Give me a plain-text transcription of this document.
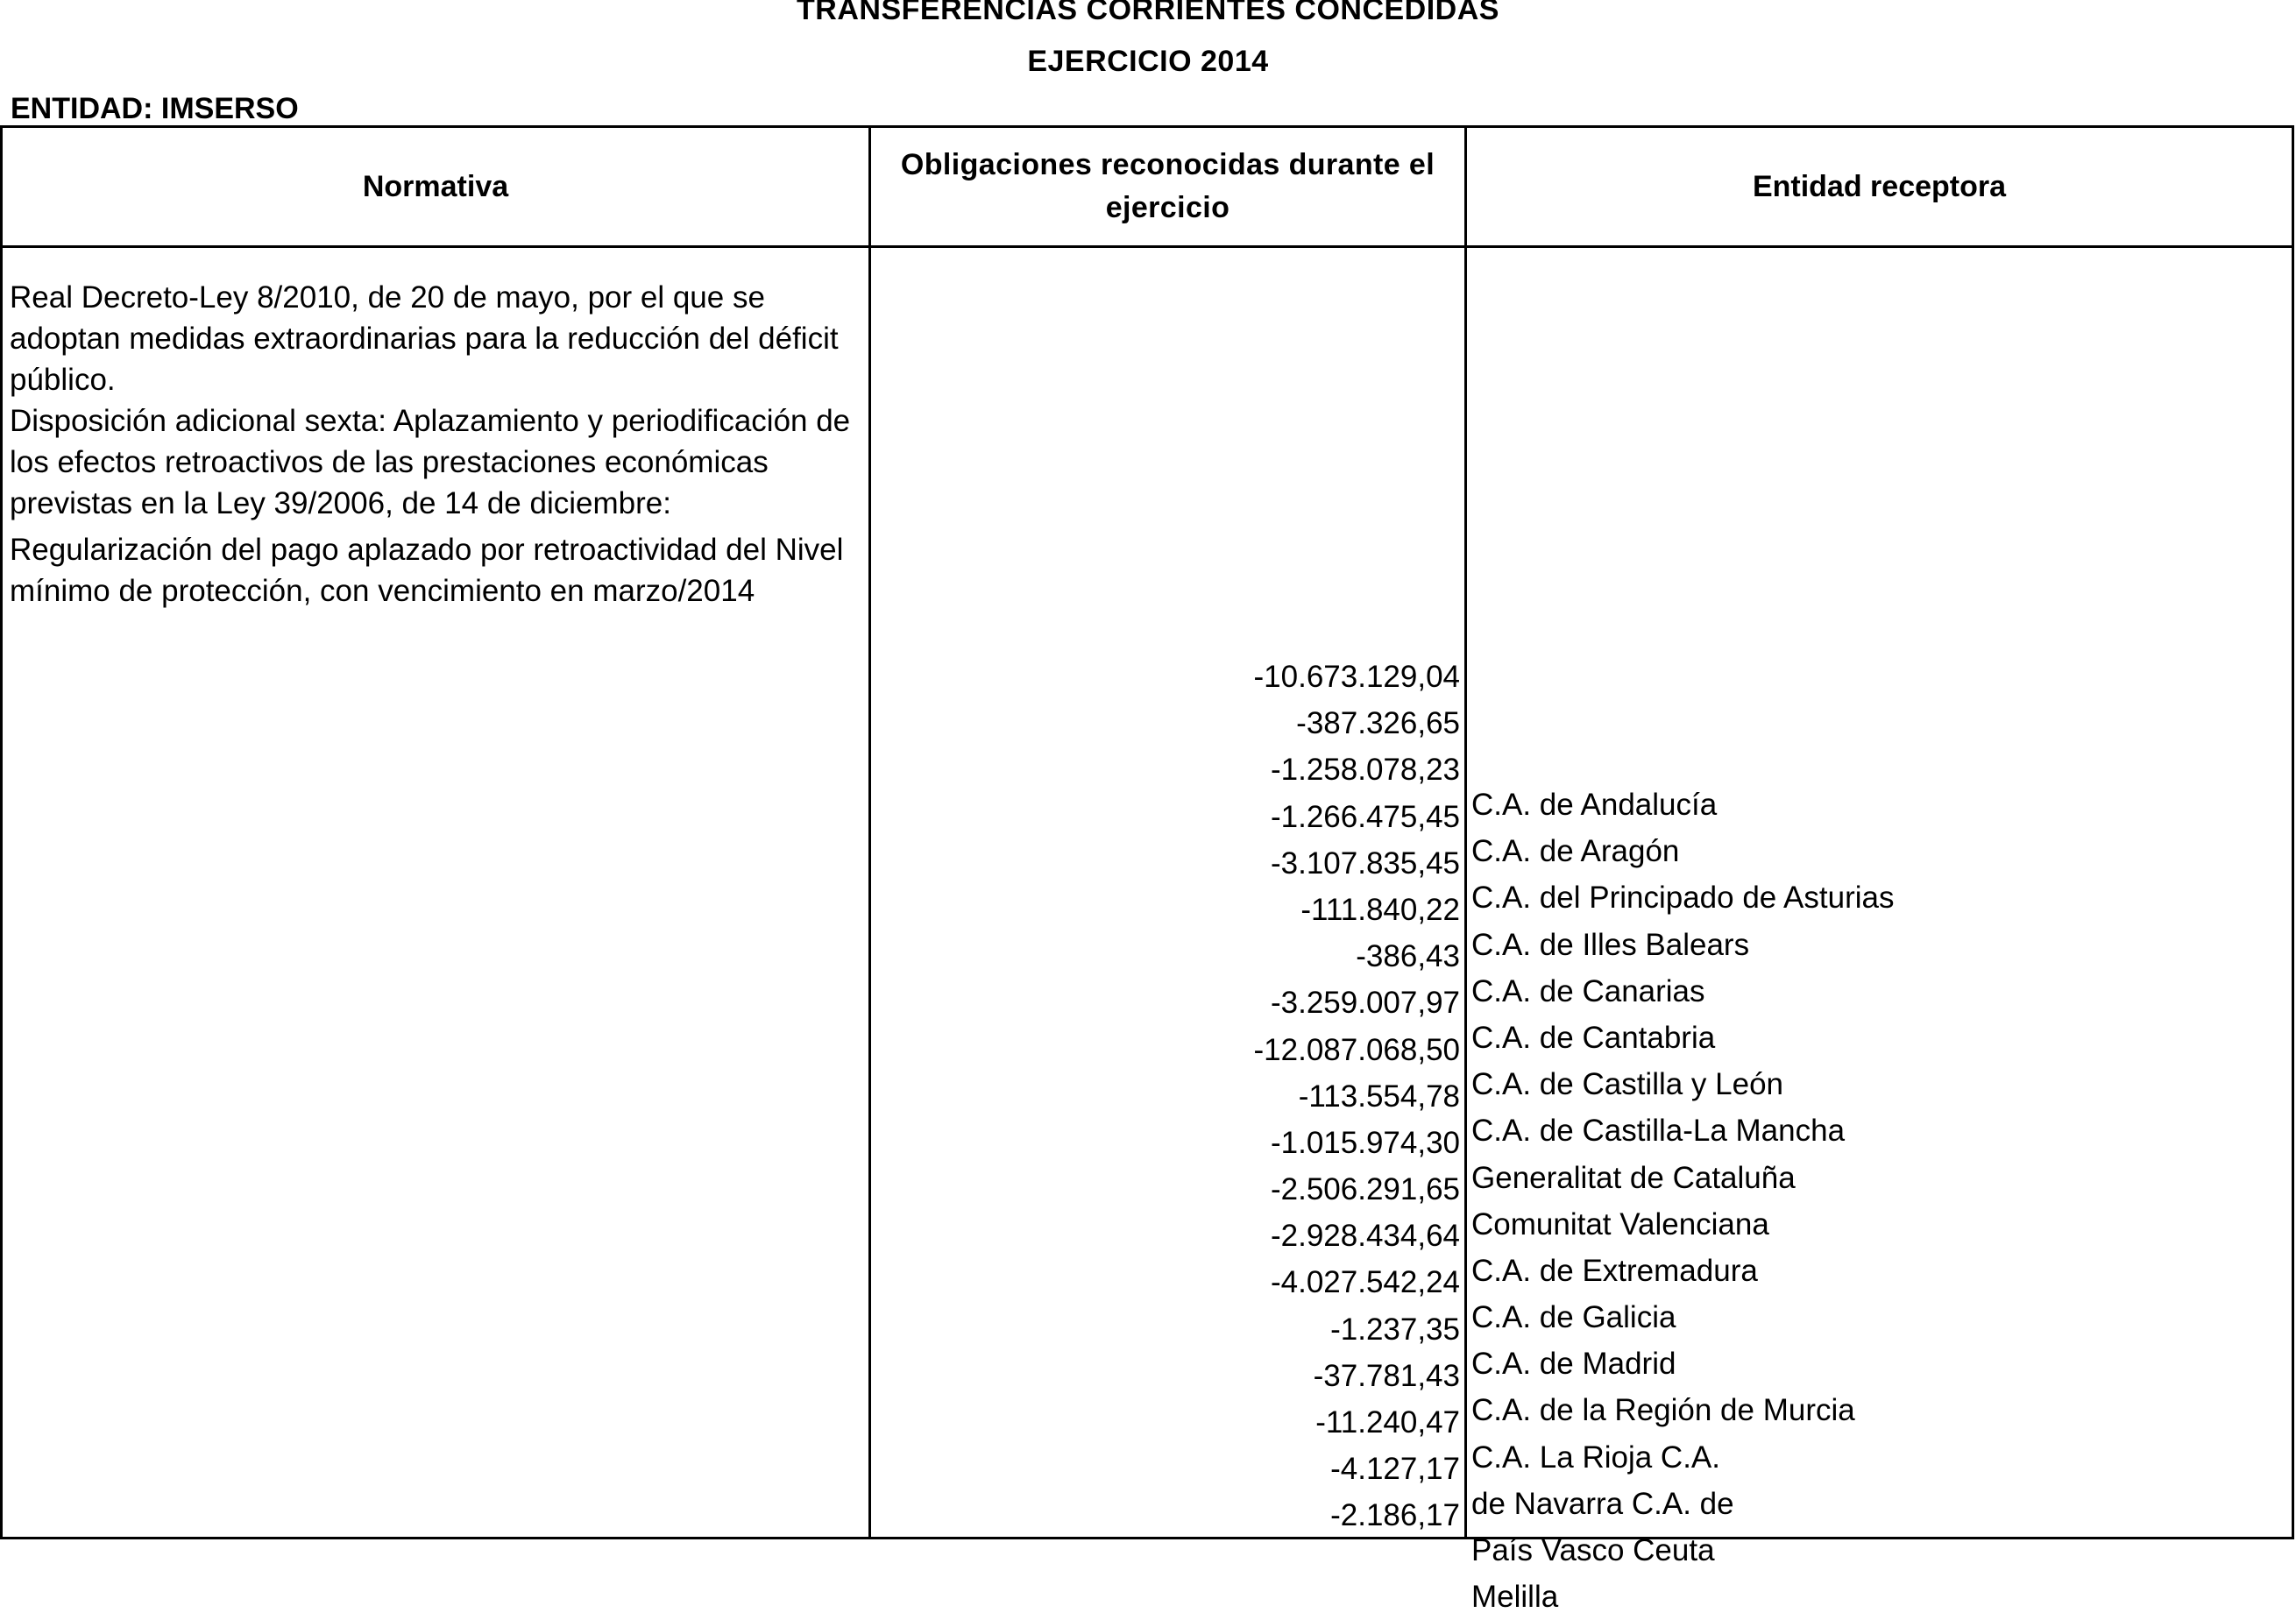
TRANSFERENCIAS CORRIENTES CONCEDIDAS
EJERCICIO 2014
ENTIDAD: IMSERSO
Normativa
Obligaciones reconocidas durante el ejercicio
Entidad receptora

Real Decreto-Ley 8/2010, de 20 de mayo, por el que se adoptan medidas extraordinarias para la reducción del déficit público.

Disposición adicional sexta: Aplazamiento y periodificación de los efectos retroactivos de las prestaciones económicas previstas en la Ley 39/2006, de 14 de diciembre:

Regularización del pago aplazado por retroactividad del Nivel mínimo de protección, con vencimiento en marzo/2014

-10.673.129,04
-387.326,65
-1.258.078,23
-1.266.475,45
-3.107.835,45
-111.840,22
-386,43
-3.259.007,97
-12.087.068,50
-113.554,78
-1.015.974,30
-2.506.291,65
-2.928.434,64
-4.027.542,24
-1.237,35
-37.781,43
-11.240,47
-4.127,17
-2.186,17
C.A. de Andalucía
C.A. de Aragón
C.A. del Principado de Asturias
C.A. de Illes Balears
C.A. de Canarias
C.A. de Cantabria
C.A. de Castilla y León
C.A. de Castilla-La Mancha
Generalitat de Cataluña
Comunitat Valenciana
C.A. de Extremadura
C.A. de Galicia
C.A. de Madrid
C.A. de la Región de Murcia
C.A. La Rioja C.A.
de Navarra C.A. de
País Vasco Ceuta
Melilla
